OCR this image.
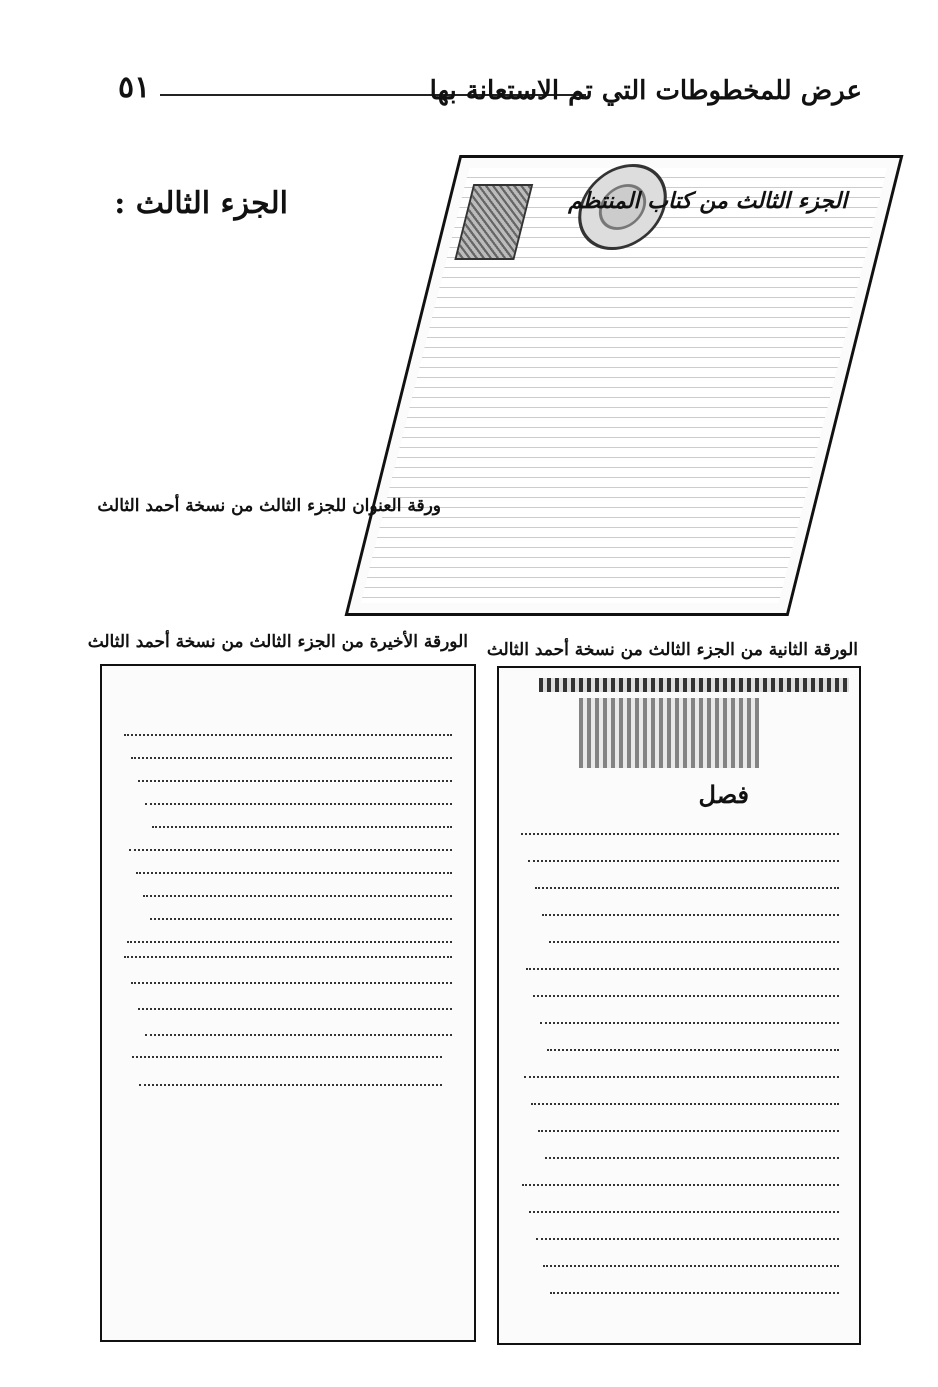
٥١	عرض للمخطوطات التي تم الاستعانة بها
الجزء الثالث :	الجزء الثالث من كتاب المنتظم
ورقة العنوان للجزء الثالث من نسخة أحمد الثالث
الورقة الثانية من الجزء الثالث من نسخة أحمد الثالث
فصل
الورقة الأخيرة من الجزء الثالث من نسخة أحمد الثالث
